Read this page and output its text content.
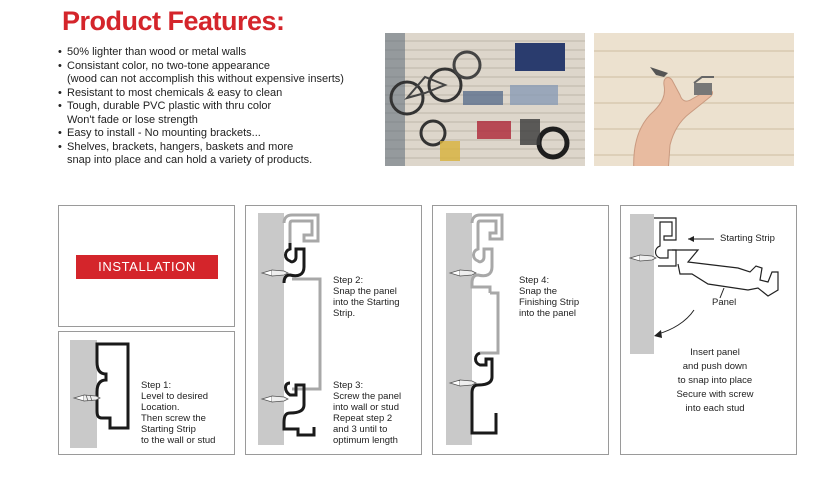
Product Features:
• 50% lighter than wood or metal walls
• Consistant color, no two-tone appearance
(wood can not accomplish this without expensive inserts)
• Resistant to most chemicals & easy to clean
• Tough, durable PVC plastic with thru color
Won't fade or lose strength
• Easy to install - No mounting brackets...
• Shelves, brackets, hangers, baskets and more
snap into place and can hold a variety of products.
INSTALLATION
Step 1:
Level to desired
Location.
Then screw the
Starting Strip
to the wall or stud
Step 2:
Snap the panel
into the Starting
Strip.
Step 3:
Screw the panel
into wall or stud
Repeat step 2
and 3 until to
optimum length
Step 4:
Snap the
Finishing Strip
into the panel
Starting Strip
Panel
Insert panel
and push down
to snap into place
Secure with screw
into each stud
